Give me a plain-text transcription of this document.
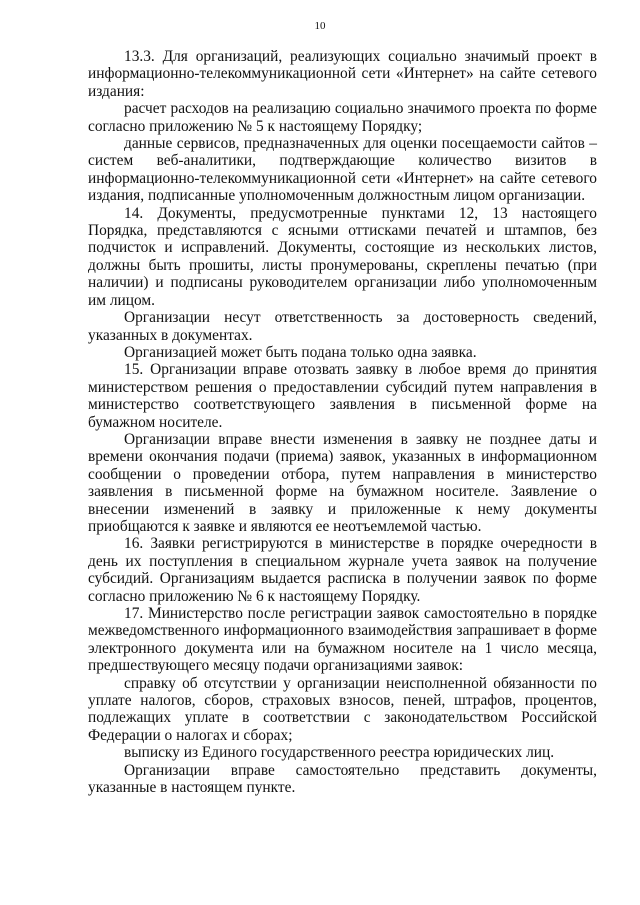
10

13.3. Для организаций, реализующих социально значимый проект в информационно-телекоммуникационной сети «Интернет» на сайте сетевого издания:

расчет расходов на реализацию социально значимого проекта по форме согласно приложению № 5 к настоящему Порядку;

данные сервисов, предназначенных для оценки посещаемости сайтов – систем веб-аналитики, подтверждающие количество визитов в информационно-телекоммуникационной сети «Интернет» на сайте сетевого издания, подписанные уполномоченным должностным лицом организации.

14. Документы, предусмотренные пунктами 12, 13 настоящего Порядка, представляются с ясными оттисками печатей и штампов, без подчисток и исправлений. Документы, состоящие из нескольких листов, должны быть прошиты, листы пронумерованы, скреплены печатью (при наличии) и подписаны руководителем организации либо уполномоченным им лицом.

Организации несут ответственность за достоверность сведений, указанных в документах.

Организацией может быть подана только одна заявка.

15. Организации вправе отозвать заявку в любое время до принятия министерством решения о предоставлении субсидий путем направления в министерство соответствующего заявления в письменной форме на бумажном носителе.

Организации вправе внести изменения в заявку не позднее даты и времени окончания подачи (приема) заявок, указанных в информационном сообщении о проведении отбора, путем направления в министерство заявления в письменной форме на бумажном носителе. Заявление о внесении изменений в заявку и приложенные к нему документы приобщаются к заявке и являются ее неотъемлемой частью.

16. Заявки регистрируются в министерстве в порядке очередности в день их поступления в специальном журнале учета заявок на получение субсидий. Организациям выдается расписка в получении заявок по форме согласно приложению № 6 к настоящему Порядку.

17. Министерство после регистрации заявок самостоятельно в порядке межведомственного информационного взаимодействия запрашивает в форме электронного документа или на бумажном носителе на 1 число месяца, предшествующего месяцу подачи организациями заявок:

справку об отсутствии у организации неисполненной обязанности по уплате налогов, сборов, страховых взносов, пеней, штрафов, процентов, подлежащих уплате в соответствии с законодательством Российской Федерации о налогах и сборах;

выписку из Единого государственного реестра юридических лиц.

Организации вправе самостоятельно представить документы, указанные в настоящем пункте.
